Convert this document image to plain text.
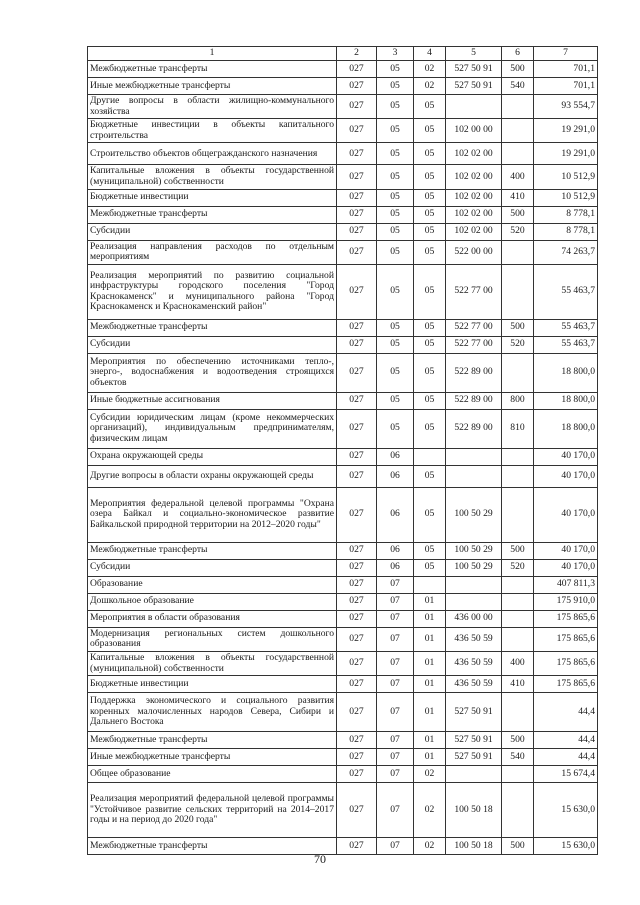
1	2	3	4	5	6	7
Межбюджетные трансферты	027	05	02	527 50 91	500	701,1
Иные межбюджетные трансферты	027	05	02	527 50 91	540	701,1
Другие вопросы в области жилищно-коммунального хозяйства	027	05	05			93 554,7
Бюджетные инвестиции в объекты капитального строительства	027	05	05	102 00 00		19 291,0
Строительство объектов общегражданского назначения	027	05	05	102 02 00		19 291,0
Капитальные вложения в объекты государственной (муниципальной) собственности	027	05	05	102 02 00	400	10 512,9
Бюджетные инвестиции	027	05	05	102 02 00	410	10 512,9
Межбюджетные трансферты	027	05	05	102 02 00	500	8 778,1
Субсидии	027	05	05	102 02 00	520	8 778,1
Реализация направления расходов по отдельным мероприятиям	027	05	05	522 00 00		74 263,7
Реализация мероприятий по развитию социальной инфраструктуры городского поселения "Город Краснокаменск" и муниципального района "Город Краснокаменск и Краснокаменский район"	027	05	05	522 77 00		55 463,7
Межбюджетные трансферты	027	05	05	522 77 00	500	55 463,7
Субсидии	027	05	05	522 77 00	520	55 463,7
Мероприятия по обеспечению источниками тепло-, энерго-, водоснабжения и водоотведения строящихся объектов	027	05	05	522 89 00		18 800,0
Иные бюджетные ассигнования	027	05	05	522 89 00	800	18 800,0
Субсидии юридическим лицам (кроме некоммерческих организаций), индивидуальным предпринимателям, физическим лицам	027	05	05	522 89 00	810	18 800,0
Охрана окружающей среды	027	06				40 170,0
Другие вопросы в области охраны окружающей среды	027	06	05			40 170,0
Мероприятия федеральной целевой программы "Охрана озера Байкал и социально-экономическое развитие Байкальской природной территории на 2012–2020 годы"	027	06	05	100 50 29		40 170,0
Межбюджетные трансферты	027	06	05	100 50 29	500	40 170,0
Субсидии	027	06	05	100 50 29	520	40 170,0
Образование	027	07				407 811,3
Дошкольное образование	027	07	01			175 910,0
Мероприятия в области образования	027	07	01	436 00 00		175 865,6
Модернизация региональных систем дошкольного образования	027	07	01	436 50 59		175 865,6
Капитальные вложения в объекты государственной (муниципальной) собственности	027	07	01	436 50 59	400	175 865,6
Бюджетные инвестиции	027	07	01	436 50 59	410	175 865,6
Поддержка экономического и социального развития коренных малочисленных народов Севера, Сибири и Дальнего Востока	027	07	01	527 50 91		44,4
Межбюджетные трансферты	027	07	01	527 50 91	500	44,4
Иные межбюджетные трансферты	027	07	01	527 50 91	540	44,4
Общее образование	027	07	02			15 674,4
Реализация мероприятий федеральной целевой программы "Устойчивое развитие сельских территорий на 2014–2017 годы и на период до 2020 года"	027	07	02	100 50 18		15 630,0
Межбюджетные трансферты	027	07	02	100 50 18	500	15 630,0
70
